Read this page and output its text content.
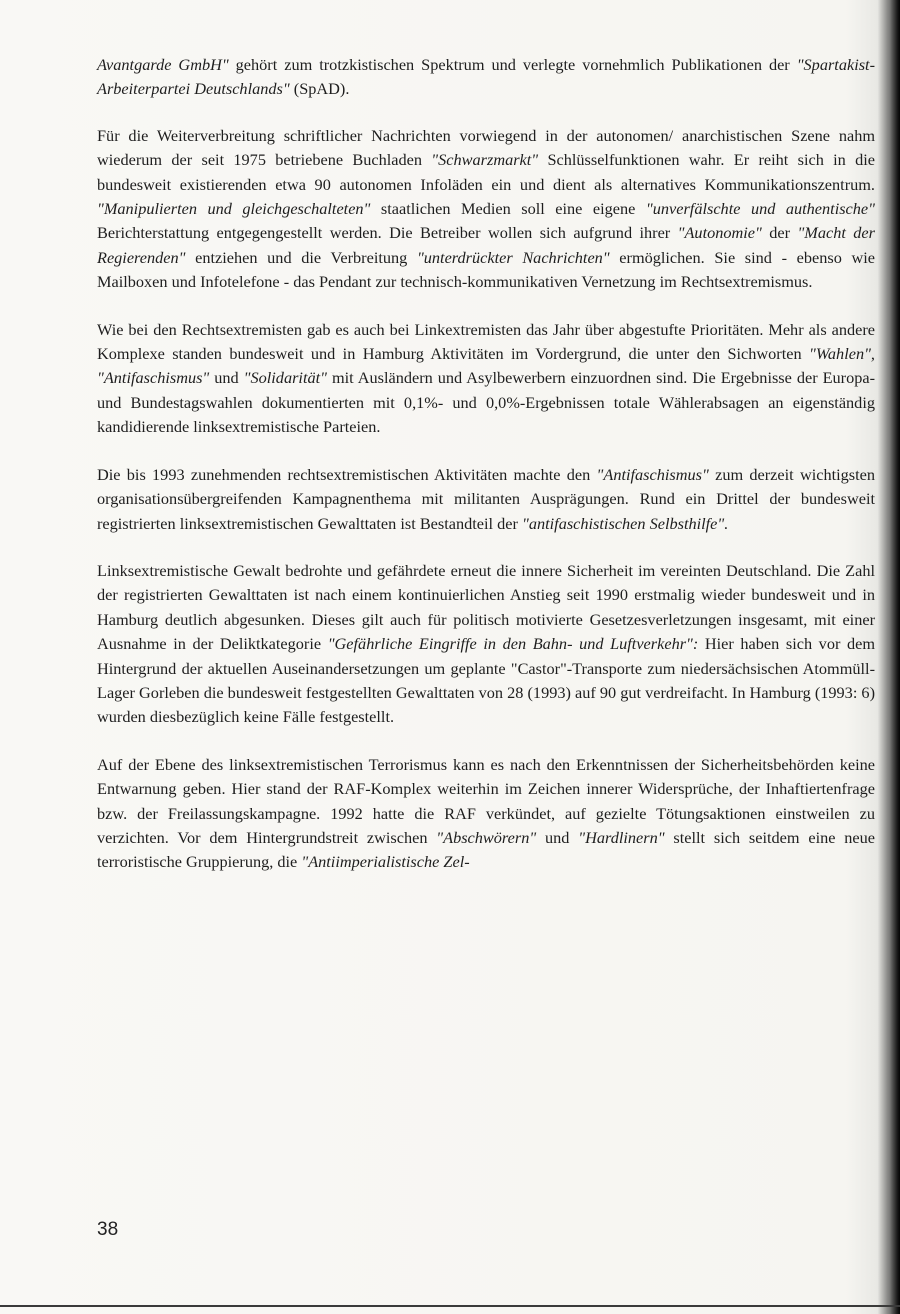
Avantgarde GmbH" gehört zum trotzkistischen Spektrum und verlegte vornehmlich Publikationen der "Spartakist-Arbeiterpartei Deutschlands" (SpAD).

Für die Weiterverbreitung schriftlicher Nachrichten vorwiegend in der autonomen/ anarchistischen Szene nahm wiederum der seit 1975 betriebene Buchladen "Schwarzmarkt" Schlüsselfunktionen wahr. Er reiht sich in die bundesweit existierenden etwa 90 autonomen Infoläden ein und dient als alternatives Kommunikationszentrum. "Manipulierten und gleichgeschalteten" staatlichen Medien soll eine eigene "unverfälschte und authentische" Berichterstattung entgegengestellt werden. Die Betreiber wollen sich aufgrund ihrer "Autonomie" der "Macht der Regierenden" entziehen und die Verbreitung "unterdrückter Nachrichten" ermöglichen. Sie sind - ebenso wie Mailboxen und Infotelefone - das Pendant zur technisch-kommunikativen Vernetzung im Rechtsextremismus.

Wie bei den Rechtsextremisten gab es auch bei Linkextremisten das Jahr über abgestufte Prioritäten. Mehr als andere Komplexe standen bundesweit und in Hamburg Aktivitäten im Vordergrund, die unter den Sichworten "Wahlen", "Antifaschismus" und "Solidarität" mit Ausländern und Asylbewerbern einzuordnen sind. Die Ergebnisse der Europa- und Bundestagswahlen dokumentierten mit 0,1%- und 0,0%-Ergebnissen totale Wählerabsagen an eigenständig kandidierende linksextremistische Parteien.

Die bis 1993 zunehmenden rechtsextremistischen Aktivitäten machte den "Antifaschismus" zum derzeit wichtigsten organisationsübergreifenden Kampagnenthema mit militanten Ausprägungen. Rund ein Drittel der bundesweit registrierten linksextremistischen Gewalttaten ist Bestandteil der "antifaschistischen Selbsthilfe".

Linksextremistische Gewalt bedrohte und gefährdete erneut die innere Sicherheit im vereinten Deutschland. Die Zahl der registrierten Gewalttaten ist nach einem kontinuierlichen Anstieg seit 1990 erstmalig wieder bundesweit und in Hamburg deutlich abgesunken. Dieses gilt auch für politisch motivierte Gesetzesverletzungen insgesamt, mit einer Ausnahme in der Deliktkategorie "Gefährliche Eingriffe in den Bahn- und Luftverkehr": Hier haben sich vor dem Hintergrund der aktuellen Auseinandersetzungen um geplante "Castor"-Transporte zum niedersächsischen Atommüll-Lager Gorleben die bundesweit festgestellten Gewalttaten von 28 (1993) auf 90 gut verdreifacht. In Hamburg (1993: 6) wurden diesbezüglich keine Fälle festgestellt.

Auf der Ebene des linksextremistischen Terrorismus kann es nach den Erkenntnissen der Sicherheitsbehörden keine Entwarnung geben. Hier stand der RAF-Komplex weiterhin im Zeichen innerer Widersprüche, der Inhaftiertenfrage bzw. der Freilassungskampagne. 1992 hatte die RAF verkündet, auf gezielte Tötungsaktionen einstweilen zu verzichten. Vor dem Hintergrundstreit zwischen "Abschwörern" und "Hardlinern" stellt sich seitdem eine neue terroristische Gruppierung, die "Antiimperialistische Zel-

38
